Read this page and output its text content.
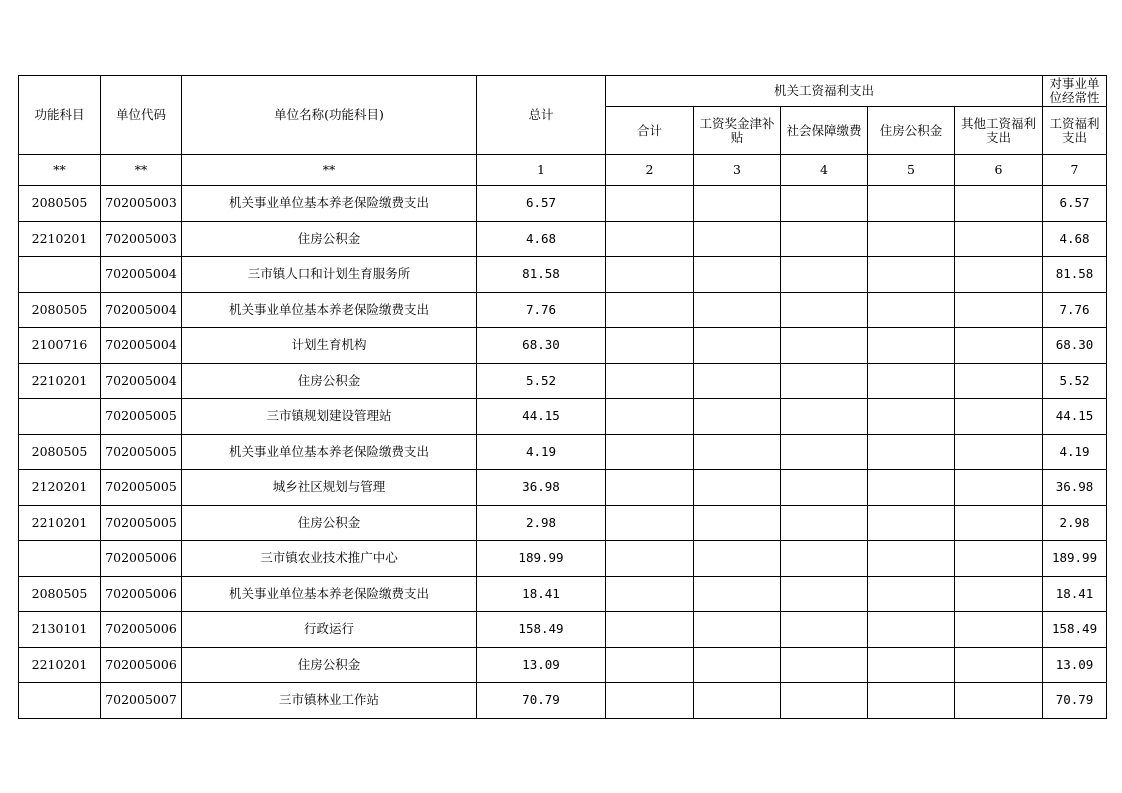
功能科目	单位代码	单位名称(功能科目)	总计	机关工资福利支出					对事业单位经常性
				合计	工资奖金津补贴	社会保障缴费	住房公积金	其他工资福利支出	工资福利支出
**	**	**	1	2	3	4	5	6	7
2080505	702005003	机关事业单位基本养老保险缴费支出	6.57						6.57
2210201	702005003	住房公积金	4.68						4.68
	702005004	三市镇人口和计划生育服务所	81.58						81.58
2080505	702005004	机关事业单位基本养老保险缴费支出	7.76						7.76
2100716	702005004	计划生育机构	68.30						68.30
2210201	702005004	住房公积金	5.52						5.52
	702005005	三市镇规划建设管理站	44.15						44.15
2080505	702005005	机关事业单位基本养老保险缴费支出	4.19						4.19
2120201	702005005	城乡社区规划与管理	36.98						36.98
2210201	702005005	住房公积金	2.98						2.98
	702005006	三市镇农业技术推广中心	189.99						189.99
2080505	702005006	机关事业单位基本养老保险缴费支出	18.41						18.41
2130101	702005006	行政运行	158.49						158.49
2210201	702005006	住房公积金	13.09						13.09
	702005007	三市镇林业工作站	70.79						70.79
